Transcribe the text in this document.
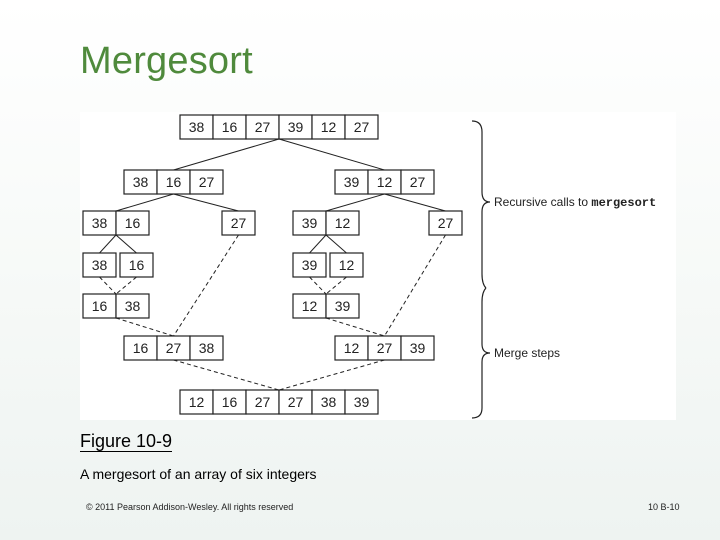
Mergesort
38 16 27 39 12 27
38 16 27	39 12 27
38 16	27	39 12	27
38 16	39 12
16 38	12 39
16 27 38	12 27 39
12 16 27 27 38 39
Recursive calls to mergesort
Merge steps
Figure 10-9
A mergesort of an array of six integers
© 2011 Pearson Addison-Wesley. All rights reserved	10 B-10
